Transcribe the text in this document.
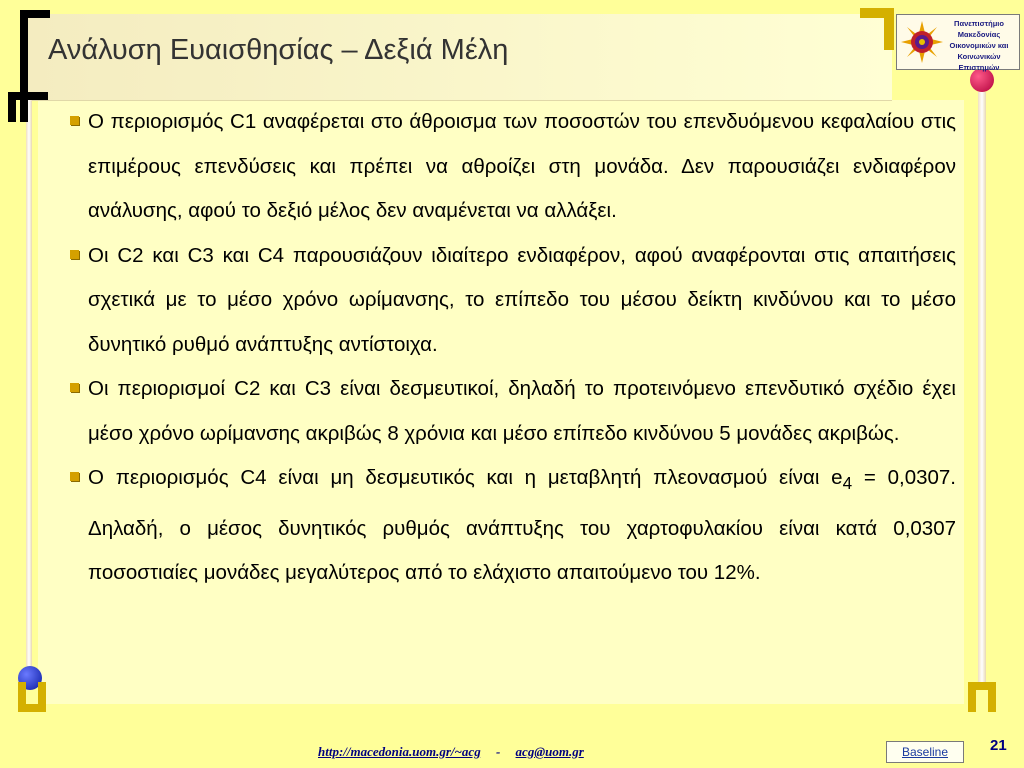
Ανάλυση Ευαισθησίας – Δεξιά Μέλη
Πανεπιστήμιο
Μακεδονίας
Οικονομικών και
Κοινωνικών Επιστημών
Ο περιορισμός C1 αναφέρεται στο άθροισμα των ποσοστών του επενδυόμενου κεφαλαίου στις επιμέρους επενδύσεις και πρέπει να αθροίζει στη μονάδα. Δεν παρουσιάζει ενδιαφέρον ανάλυσης, αφού το δεξιό μέλος δεν αναμένεται να αλλάξει.
Οι C2 και C3 και C4 παρουσιάζουν ιδιαίτερο ενδιαφέρον, αφού αναφέρονται στις απαιτήσεις σχετικά με το μέσο χρόνο ωρίμανσης, το επίπεδο του μέσου δείκτη κινδύνου και το μέσο δυνητικό ρυθμό ανάπτυξης αντίστοιχα.
Οι περιορισμοί C2 και C3 είναι δεσμευτικοί, δηλαδή το προτεινόμενο επενδυτικό σχέδιο έχει μέσο χρόνο ωρίμανσης ακριβώς 8 χρόνια και μέσο επίπεδο κινδύνου 5 μονάδες ακριβώς.
Ο περιορισμός C4 είναι μη δεσμευτικός και η μεταβλητή πλεονασμού είναι $e_4 = 0,0307$. Δηλαδή, ο μέσος δυνητικός ρυθμός ανάπτυξης του χαρτοφυλακίου είναι κατά 0,0307 ποσοστιαίες μονάδες μεγαλύτερος από το ελάχιστο απαιτούμενο του 12%.
http://macedonia.uom.gr/~acg - acg@uom.gr	Baseline	21
